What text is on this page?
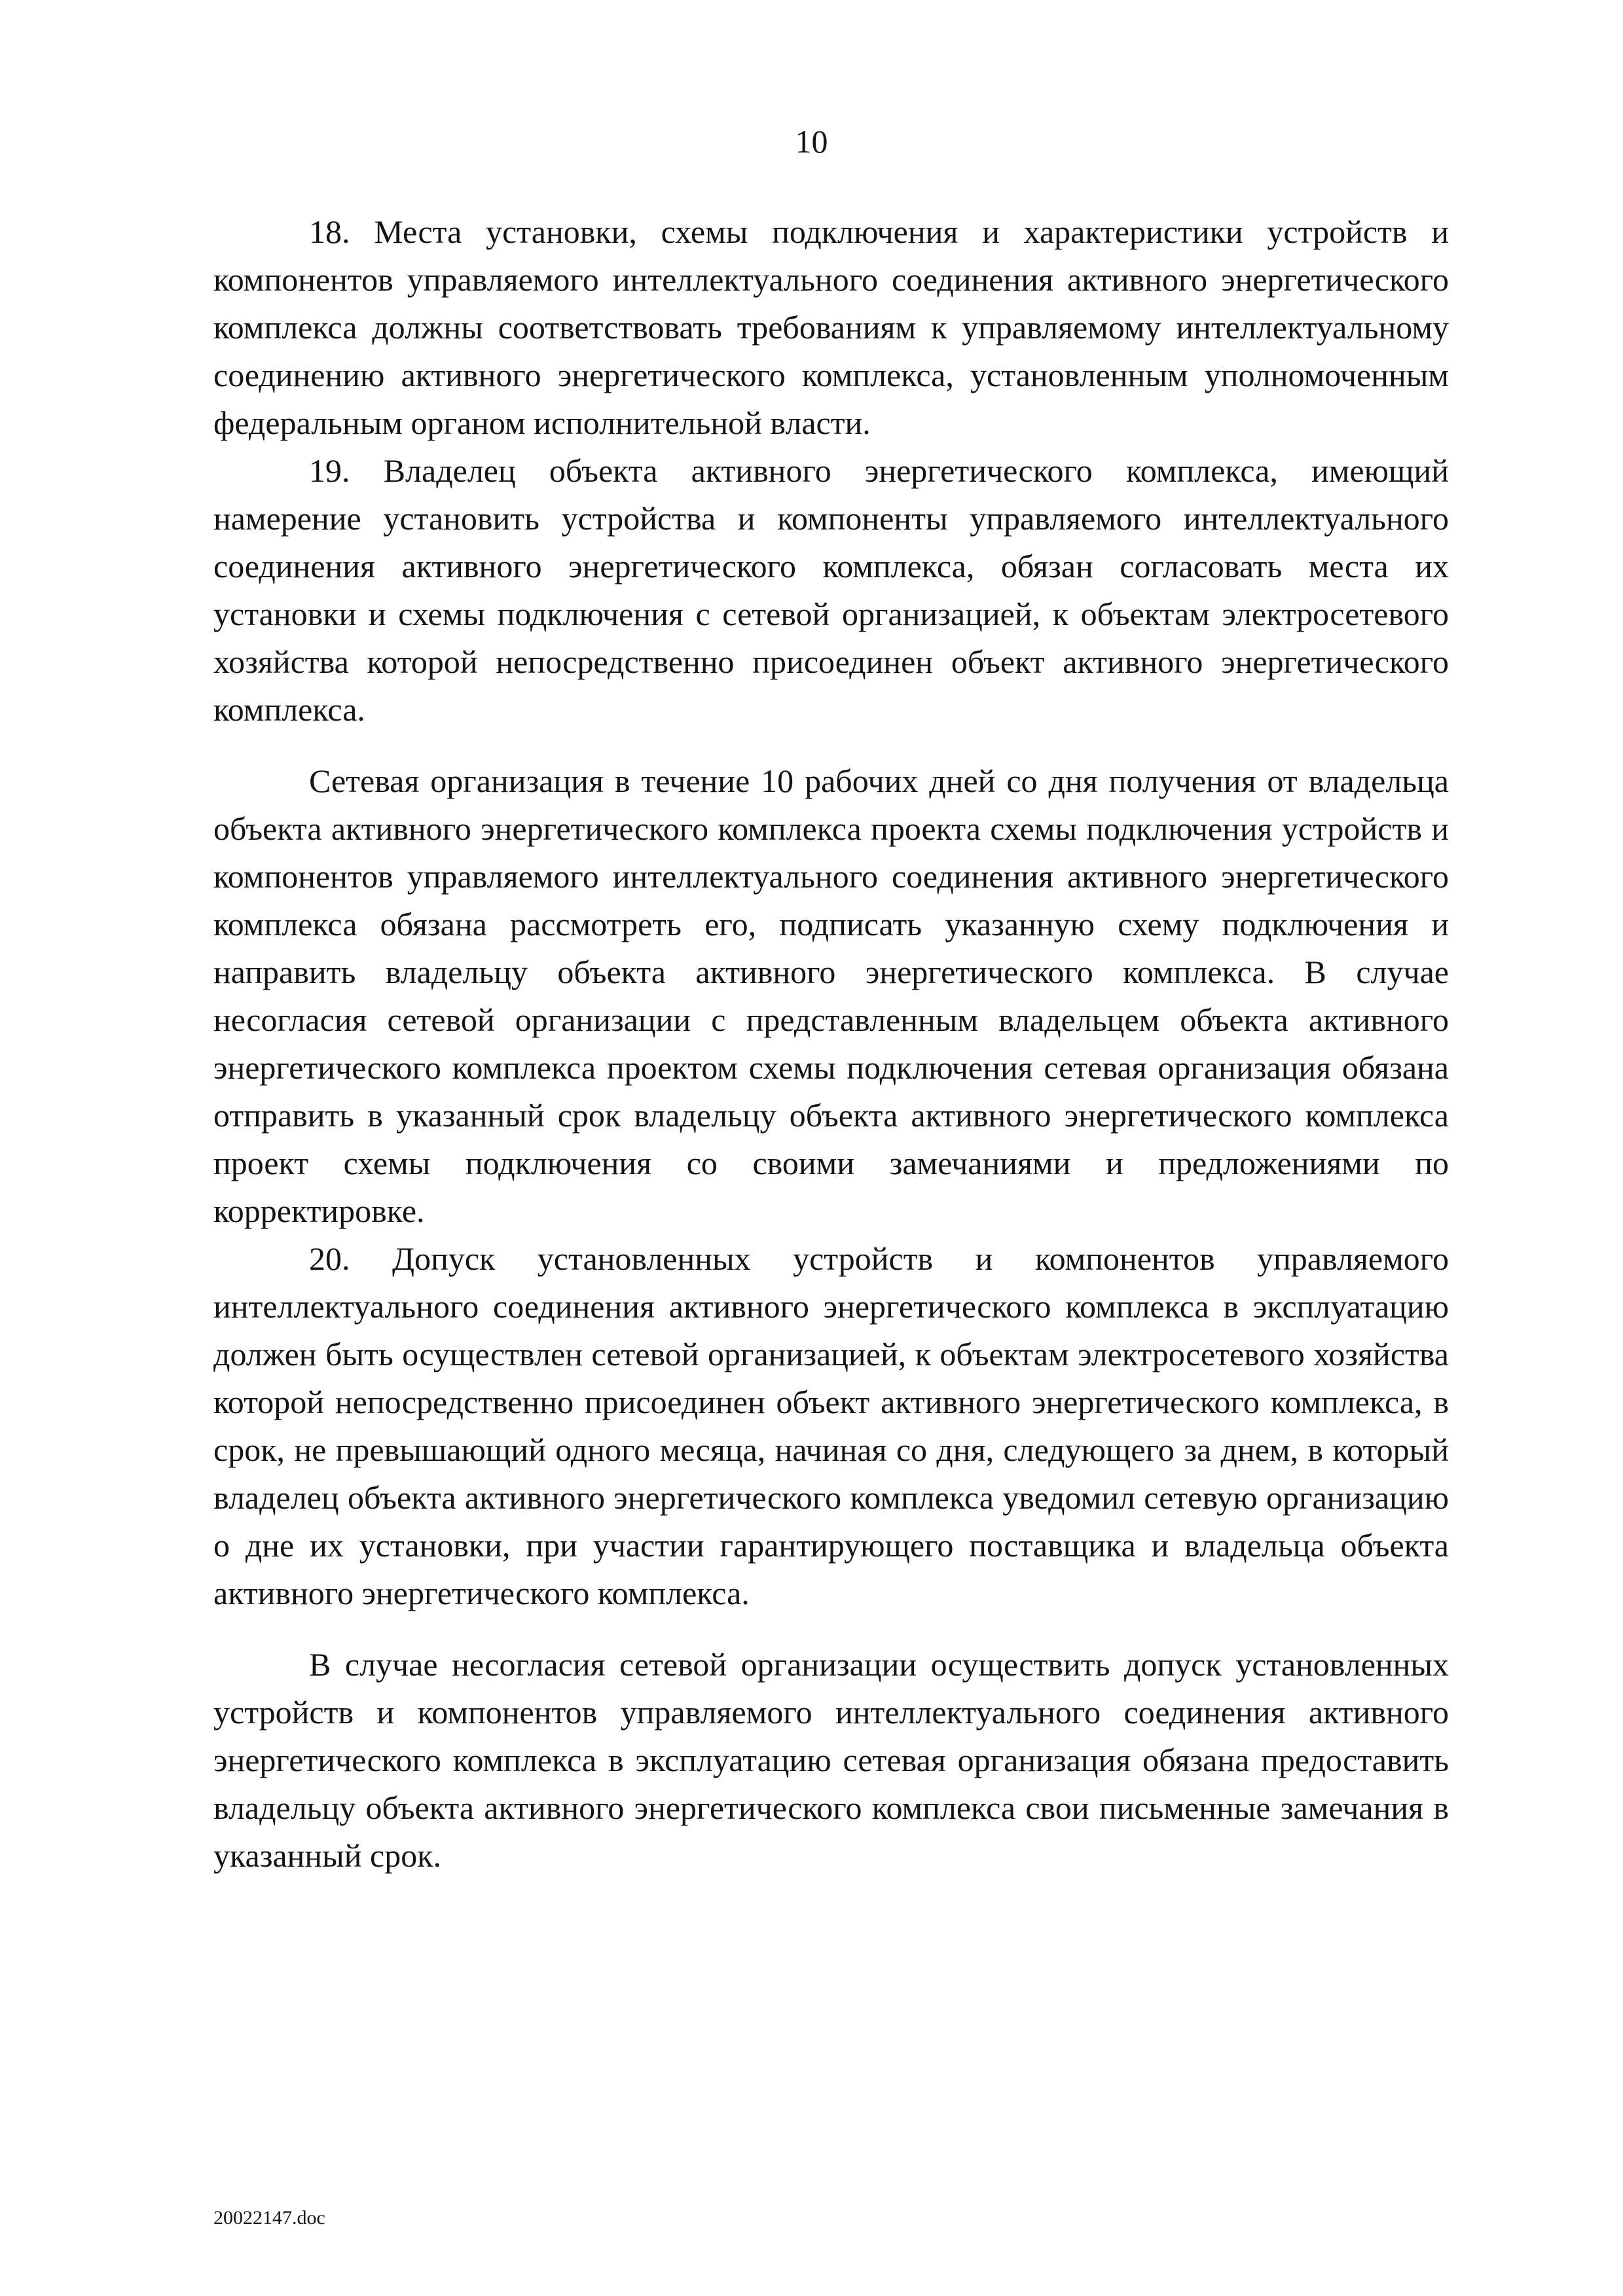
10

18. Места установки, схемы подключения и характеристики устройств и компонентов управляемого интеллектуального соединения активного энергетического комплекса должны соответствовать требованиям к управляемому интеллектуальному соединению активного энергетического комплекса, установленным уполномоченным федеральным органом исполнительной власти.

19. Владелец объекта активного энергетического комплекса, имеющий намерение установить устройства и компоненты управляемого интеллектуального соединения активного энергетического комплекса, обязан согласовать места их установки и схемы подключения с сетевой организацией, к объектам электросетевого хозяйства которой непосредственно присоединен объект активного энергетического комплекса.

Сетевая организация в течение 10 рабочих дней со дня получения от владельца объекта активного энергетического комплекса проекта схемы подключения устройств и компонентов управляемого интеллектуального соединения активного энергетического комплекса обязана рассмотреть его, подписать указанную схему подключения и направить владельцу объекта активного энергетического комплекса. В случае несогласия сетевой организации с представленным владельцем объекта активного энергетического комплекса проектом схемы подключения сетевая организация обязана отправить в указанный срок владельцу объекта активного энергетического комплекса проект схемы подключения со своими замечаниями и предложениями по корректировке.

20. Допуск установленных устройств и компонентов управляемого интеллектуального соединения активного энергетического комплекса в эксплуатацию должен быть осуществлен сетевой организацией, к объектам электросетевого хозяйства которой непосредственно присоединен объект активного энергетического комплекса, в срок, не превышающий одного месяца, начиная со дня, следующего за днем, в который владелец объекта активного энергетического комплекса уведомил сетевую организацию о дне их установки, при участии гарантирующего поставщика и владельца объекта активного энергетического комплекса.

В случае несогласия сетевой организации осуществить допуск установленных устройств и компонентов управляемого интеллектуального соединения активного энергетического комплекса в эксплуатацию сетевая организация обязана предоставить владельцу объекта активного энергетического комплекса свои письменные замечания в указанный срок.

20022147.doc
